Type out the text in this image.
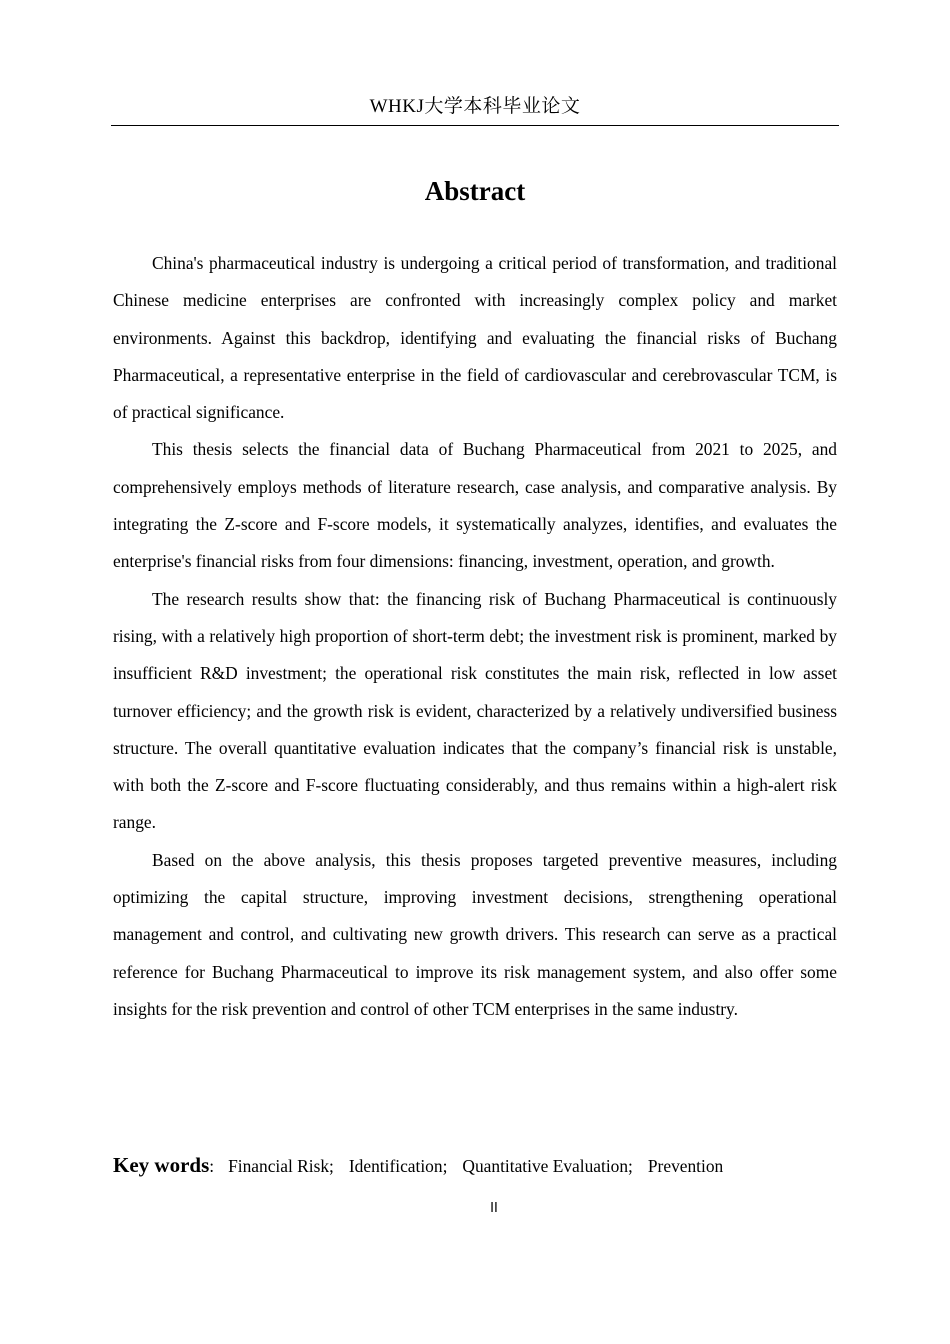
WHKJ大学本科毕业论文
Abstract

China's pharmaceutical industry is undergoing a critical period of transformation, and traditional Chinese medicine enterprises are confronted with increasingly complex policy and market environments. Against this backdrop, identifying and evaluating the financial risks of Buchang Pharmaceutical, a representative enterprise in the field of cardiovascular and cerebrovascular TCM, is of practical significance.

This thesis selects the financial data of Buchang Pharmaceutical from 2021 to 2025, and comprehensively employs methods of literature research, case analysis, and comparative analysis. By integrating the Z-score and F-score models, it systematically analyzes, identifies, and evaluates the enterprise's financial risks from four dimensions: financing, investment, operation, and growth.

The research results show that: the financing risk of Buchang Pharmaceutical is continuously rising, with a relatively high proportion of short-term debt; the investment risk is prominent, marked by insufficient R&D investment; the operational risk constitutes the main risk, reflected in low asset turnover efficiency; and the growth risk is evident, characterized by a relatively undiversified business structure. The overall quantitative evaluation indicates that the company’s financial risk is unstable, with both the Z-score and F-score fluctuating considerably, and thus remains within a high-alert risk range.

Based on the above analysis, this thesis proposes targeted preventive measures, including optimizing the capital structure, improving investment decisions, strengthening operational management and control, and cultivating new growth drivers. This research can serve as a practical reference for Buchang Pharmaceutical to improve its risk management system, and also offer some insights for the risk prevention and control of other TCM enterprises in the same industry.

Key words: Financial Risk; Identification; Quantitative Evaluation; Prevention
II
